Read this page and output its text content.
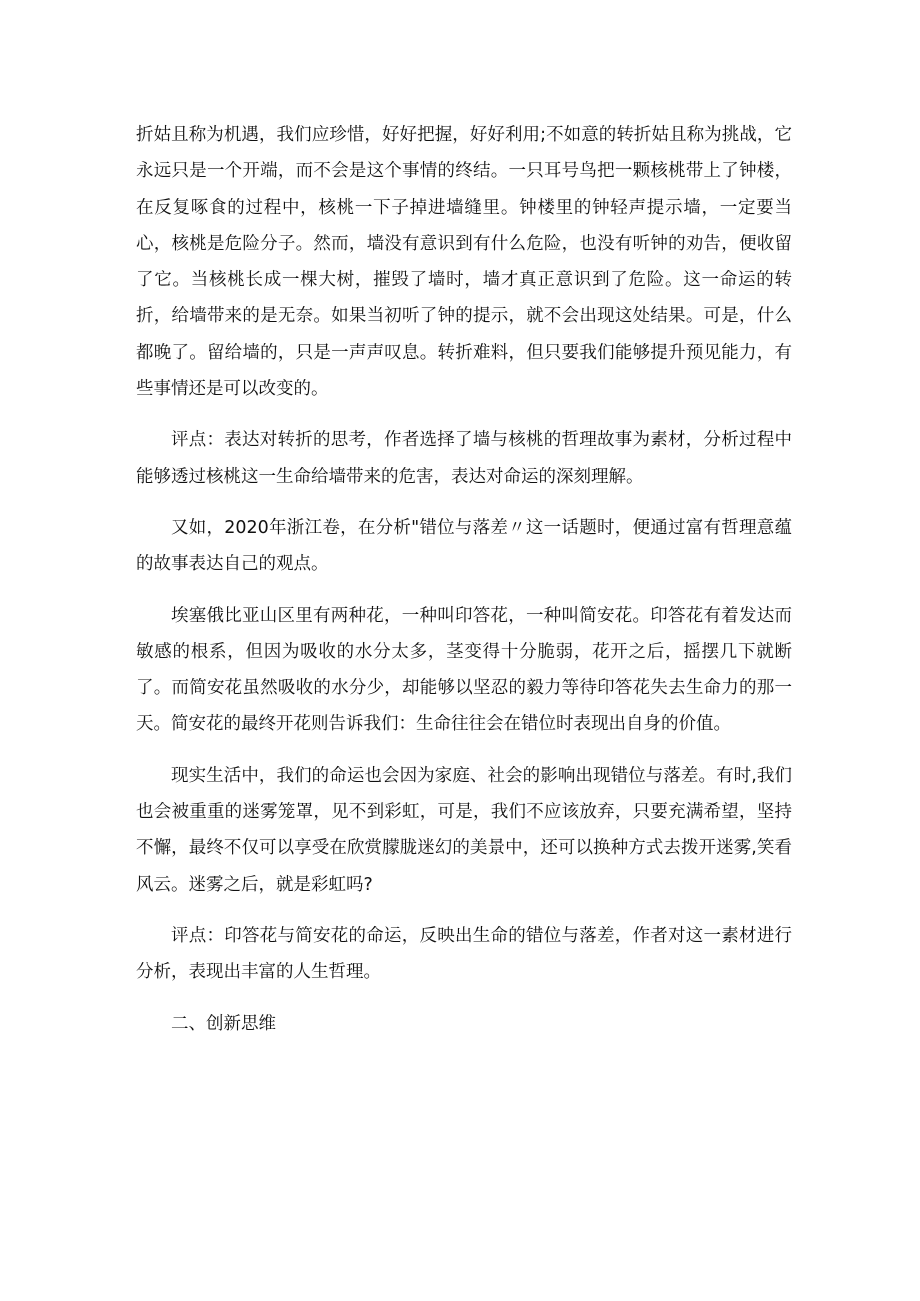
折姑且称为机遇，我们应珍惜，好好把握，好好利用;不如意的转折姑且称为挑战，它永远只是一个开端，而不会是这个事情的终结。一只耳号鸟把一颗核桃带上了钟楼，在反复啄食的过程中，核桃一下子掉进墙缝里。钟楼里的钟轻声提示墙，一定要当心，核桃是危险分子。然而，墙没有意识到有什么危险，也没有听钟的劝告，便收留了它。当核桃长成一棵大树，摧毁了墙时，墙才真正意识到了危险。这一命运的转折，给墙带来的是无奈。如果当初听了钟的提示，就不会出现这处结果。可是，什么都晚了。留给墙的，只是一声声叹息。转折难料，但只要我们能够提升预见能力，有些事情还是可以改变的。

评点：表达对转折的思考，作者选择了墙与核桃的哲理故事为素材，分析过程中能够透过核桃这一生命给墙带来的危害，表达对命运的深刻理解。

又如，2020年浙江卷，在分析"错位与落差〃这一话题时，便通过富有哲理意蕴的故事表达自己的观点。

埃塞俄比亚山区里有两种花，一种叫印答花，一种叫简安花。印答花有着发达而敏感的根系，但因为吸收的水分太多，茎变得十分脆弱，花开之后，摇摆几下就断了。而简安花虽然吸收的水分少，却能够以坚忍的毅力等待印答花失去生命力的那一天。简安花的最终开花则告诉我们：生命往往会在错位时表现出自身的价值。

现实生活中，我们的命运也会因为家庭、社会的影响出现错位与落差。有时,我们也会被重重的迷雾笼罩，见不到彩虹，可是，我们不应该放弃，只要充满希望，坚持不懈，最终不仅可以享受在欣赏朦胧迷幻的美景中，还可以换种方式去拨开迷雾,笑看风云。迷雾之后，就是彩虹吗?

评点：印答花与简安花的命运，反映出生命的错位与落差，作者对这一素材进行分析，表现出丰富的人生哲理。

二、创新思维
